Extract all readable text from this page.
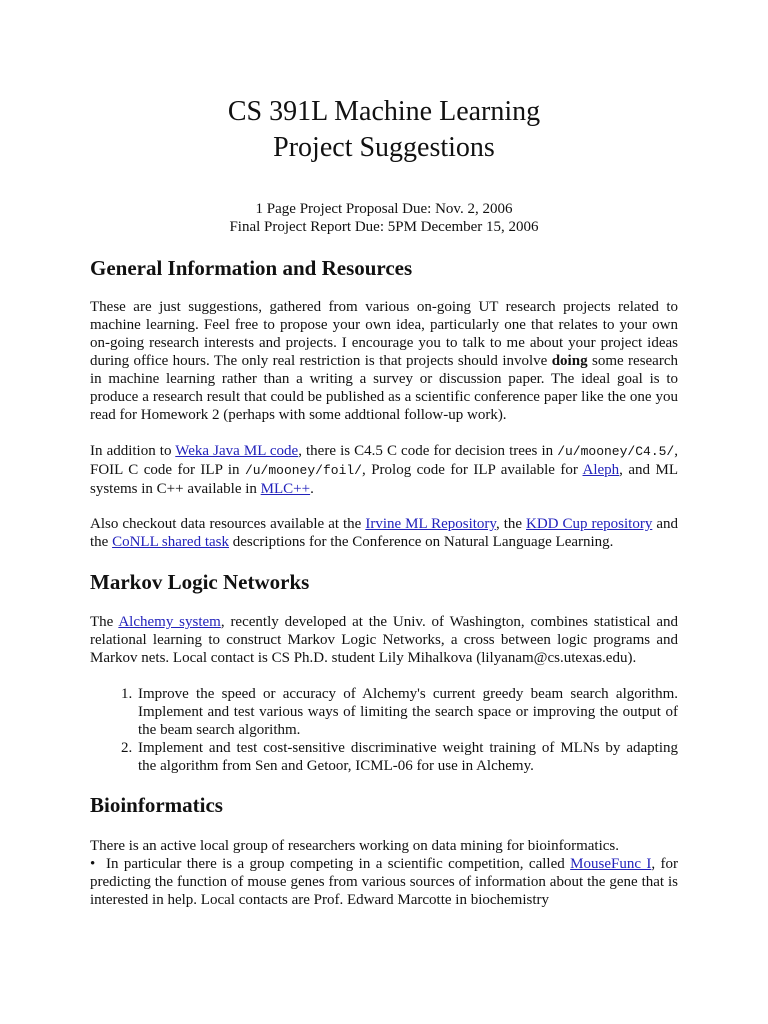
CS 391L Machine Learning
Project Suggestions
1 Page Project Proposal Due: Nov. 2, 2006
Final Project Report Due: 5PM December 15, 2006
General Information and Resources

These are just suggestions, gathered from various on-going UT research projects related to machine learning. Feel free to propose your own idea, particularly one that relates to your own on-going research interests and projects. I encourage you to talk to me about your project ideas during office hours. The only real restriction is that projects should involve doing some research in machine learning rather than a writing a survey or discussion paper. The ideal goal is to produce a research result that could be published as a scientific conference paper like the one you read for Homework 2 (perhaps with some addtional follow-up work).

In addition to Weka Java ML code, there is C4.5 C code for decision trees in /u/mooney/C4.5/, FOIL C code for ILP in /u/mooney/foil/, Prolog code for ILP available for Aleph, and ML systems in C++ available in MLC++.

Also checkout data resources available at the Irvine ML Repository, the KDD Cup repository and the CoNLL shared task descriptions for the Conference on Natural Language Learning.

Markov Logic Networks

The Alchemy system, recently developed at the Univ. of Washington, combines statistical and relational learning to construct Markov Logic Networks, a cross between logic programs and Markov nets. Local contact is CS Ph.D. student Lily Mihalkova (lilyanam@cs.utexas.edu).

1. Improve the speed or accuracy of Alchemy's current greedy beam search algorithm. Implement and test various ways of limiting the search space or improving the output of the beam search algorithm.
2. Implement and test cost-sensitive discriminative weight training of MLNs by adapting the algorithm from Sen and Getoor, ICML-06 for use in Alchemy.
Bioinformatics

There is an active local group of researchers working on data mining for bioinformatics.

• In particular there is a group competing in a scientific competition, called MouseFunc I, for predicting the function of mouse genes from various sources of information about the gene that is interested in help. Local contacts are Prof. Edward Marcotte in biochemistry
